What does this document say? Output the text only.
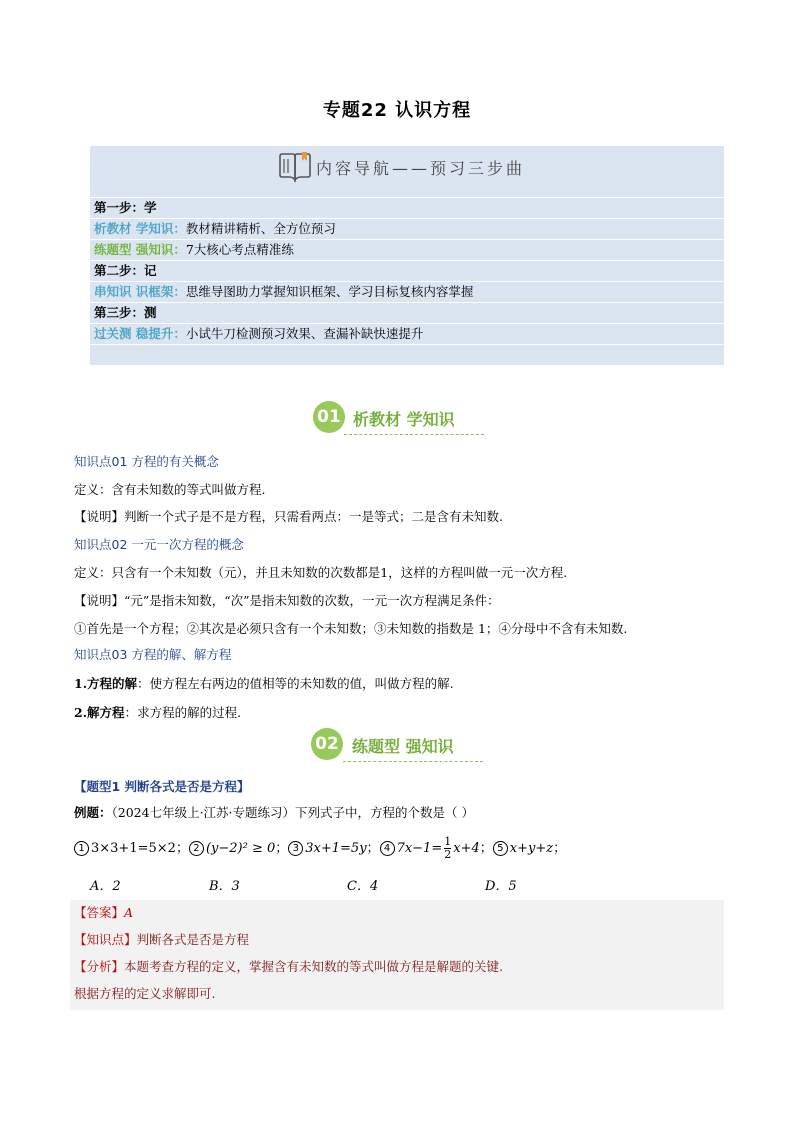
专题22 认识方程
内容导航——预习三步曲
第一步：学
析教材 学知识：教材精讲精析、全方位预习
练题型 强知识：7大核心考点精准练
第二步：记
串知识 识框架：思维导图助力掌握知识框架、学习目标复核内容掌握
第三步：测
过关测 稳提升：小试牛刀检测预习效果、查漏补缺快速提升
01 析教材 学知识
知识点01 方程的有关概念
定义：含有未知数的等式叫做方程.
【说明】判断一个式子是不是方程，只需看两点：一是等式；二是含有未知数.
知识点02 一元一次方程的概念
定义：只含有一个未知数（元），并且未知数的次数都是1，这样的方程叫做一元一次方程.
【说明】“元”是指未知数，“次”是指未知数的次数，一元一次方程满足条件：
①首先是一个方程；②其次是必须只含有一个未知数；③未知数的指数是 1；④分母中不含有未知数.
知识点03 方程的解、解方程
1.方程的解：使方程左右两边的值相等的未知数的值，叫做方程的解.
2.解方程：求方程的解的过程.
02 练题型 强知识
【题型1 判断各式是否是方程】
例题：（2024七年级上·江苏·专题练习）下列式子中，方程的个数是（ ）
1 3×3+1=5×2； 2 (y−2)² ≥ 0； 3 3x+1=5y； 4 $7x-1= \frac{1}{2} x+4$； 5 x+y+z；
A．2	B．3	C．4	D．5
【答案】A
【知识点】判断各式是否是方程
【分析】本题考查方程的定义，掌握含有未知数的等式叫做方程是解题的关键.
根据方程的定义求解即可.
